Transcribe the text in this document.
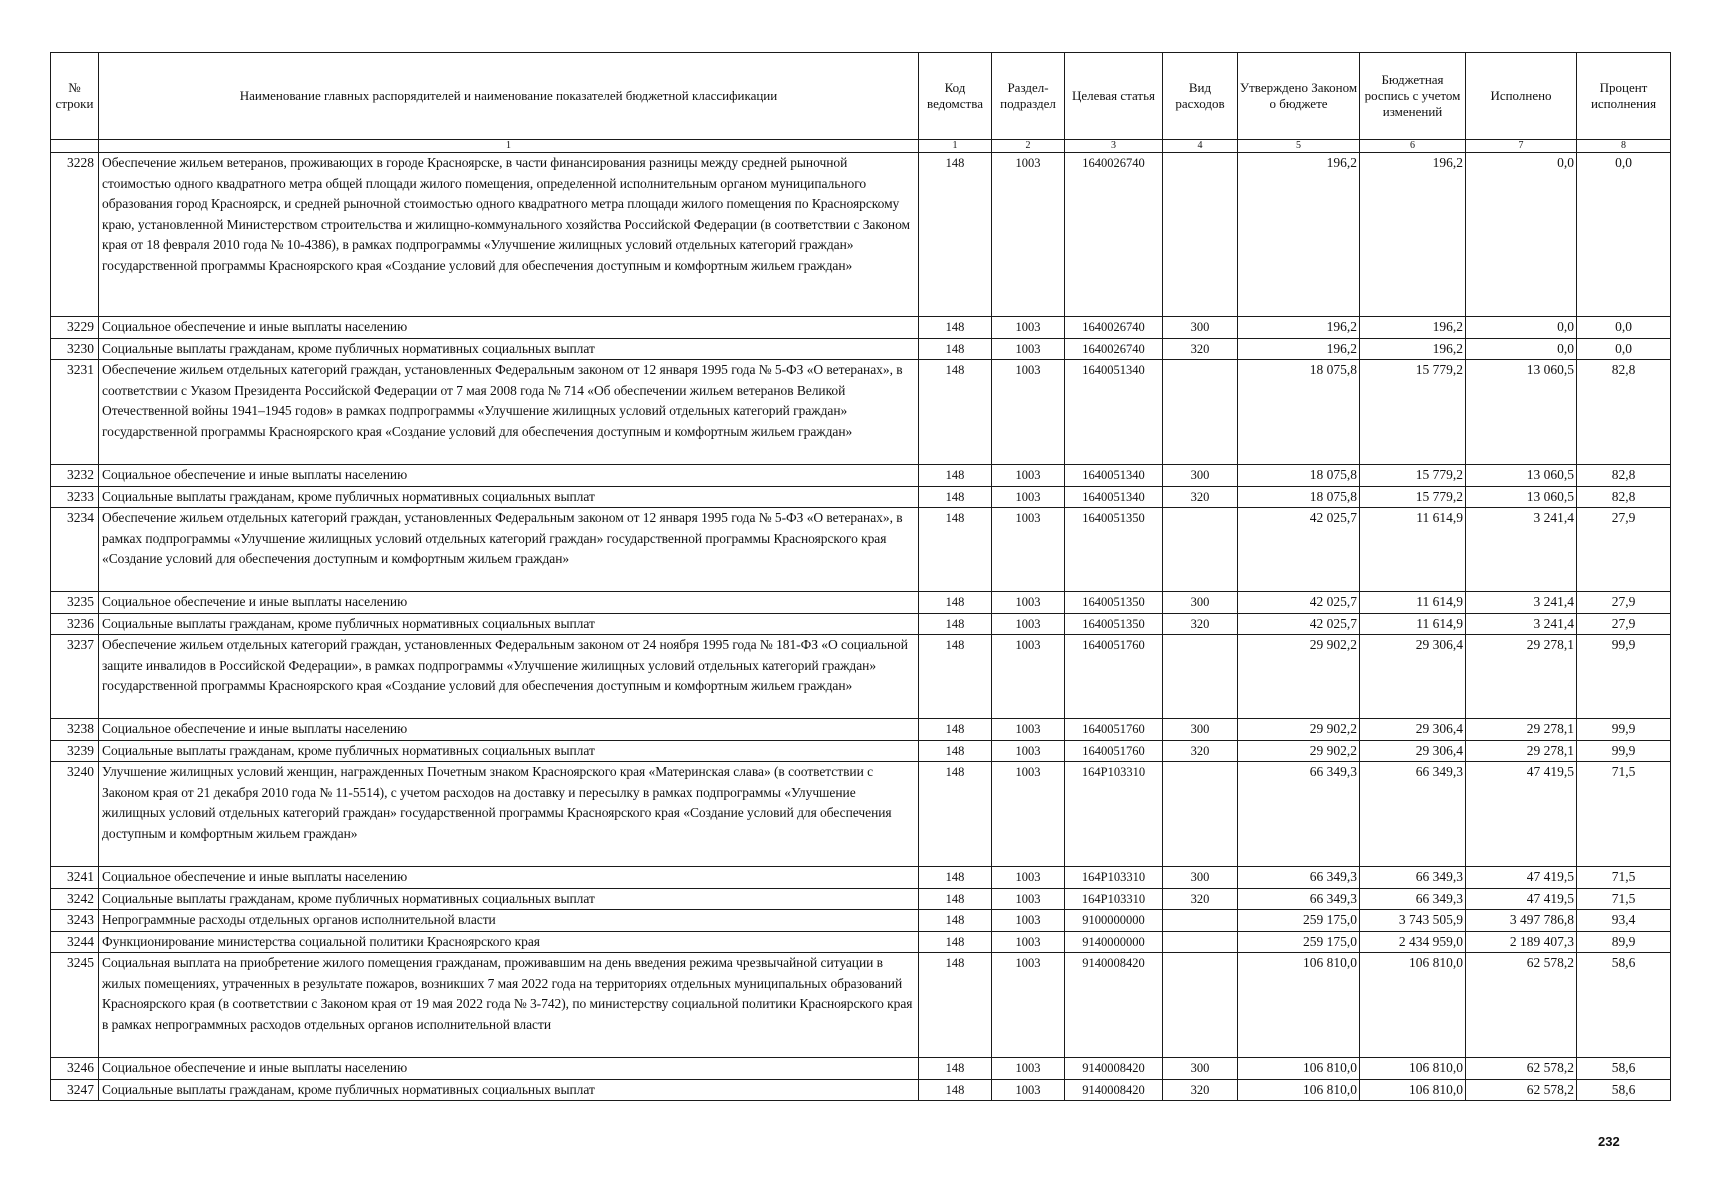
№ строки	Наименование главных распорядителей и наименование показателей бюджетной классификации	Код ведомства	Раздел-подраздел	Целевая статья	Вид расходов	Утверждено Законом о бюджете	Бюджетная роспись с учетом изменений	Исполнено	Процент исполнения
	1	1	2	3	4	5	6	7	8
3228	Обеспечение жильем ветеранов, проживающих в городе Красноярске, в части финансирования разницы между средней рыночной стоимостью одного квадратного метра общей площади жилого помещения, определенной исполнительным органом муниципального образования город Красноярск, и средней рыночной стоимостью одного квадратного метра площади жилого помещения по Красноярскому краю, установленной Министерством строительства и жилищно-коммунального хозяйства Российской Федерации (в соответствии с Законом края от 18 февраля 2010 года № 10-4386), в рамках подпрограммы «Улучшение жилищных условий отдельных категорий граждан» государственной программы Красноярского края «Создание условий для обеспечения доступным и комфортным жильем граждан»	148	1003	1640026740		196,2	196,2	0,0	0,0
3229	Социальное обеспечение и иные выплаты населению	148	1003	1640026740	300	196,2	196,2	0,0	0,0
3230	Социальные выплаты гражданам, кроме публичных нормативных социальных выплат	148	1003	1640026740	320	196,2	196,2	0,0	0,0
3231	Обеспечение жильем отдельных категорий граждан, установленных Федеральным законом от 12 января 1995 года № 5-ФЗ «О ветеранах», в соответствии с Указом Президента Российской Федерации от 7 мая 2008 года № 714 «Об обеспечении жильем ветеранов Великой Отечественной войны 1941–1945 годов» в рамках подпрограммы «Улучшение жилищных условий отдельных категорий граждан» государственной программы Красноярского края «Создание условий для обеспечения доступным и комфортным жильем граждан»	148	1003	1640051340		18 075,8	15 779,2	13 060,5	82,8
3232	Социальное обеспечение и иные выплаты населению	148	1003	1640051340	300	18 075,8	15 779,2	13 060,5	82,8
3233	Социальные выплаты гражданам, кроме публичных нормативных социальных выплат	148	1003	1640051340	320	18 075,8	15 779,2	13 060,5	82,8
3234	Обеспечение жильем отдельных категорий граждан, установленных Федеральным законом от 12 января 1995 года № 5-ФЗ «О ветеранах», в рамках подпрограммы «Улучшение жилищных условий отдельных категорий граждан» государственной программы Красноярского края «Создание условий для обеспечения доступным и комфортным жильем граждан»	148	1003	1640051350		42 025,7	11 614,9	3 241,4	27,9
3235	Социальное обеспечение и иные выплаты населению	148	1003	1640051350	300	42 025,7	11 614,9	3 241,4	27,9
3236	Социальные выплаты гражданам, кроме публичных нормативных социальных выплат	148	1003	1640051350	320	42 025,7	11 614,9	3 241,4	27,9
3237	Обеспечение жильем отдельных категорий граждан, установленных Федеральным законом от 24 ноября 1995 года № 181-ФЗ «О социальной защите инвалидов в Российской Федерации», в рамках подпрограммы «Улучшение жилищных условий отдельных категорий граждан» государственной программы Красноярского края «Создание условий для обеспечения доступным и комфортным жильем граждан»	148	1003	1640051760		29 902,2	29 306,4	29 278,1	99,9
3238	Социальное обеспечение и иные выплаты населению	148	1003	1640051760	300	29 902,2	29 306,4	29 278,1	99,9
3239	Социальные выплаты гражданам, кроме публичных нормативных социальных выплат	148	1003	1640051760	320	29 902,2	29 306,4	29 278,1	99,9
3240	Улучшение жилищных условий женщин, награжденных Почетным знаком Красноярского края «Материнская слава» (в соответствии с Законом края от 21 декабря 2010 года № 11-5514), с учетом расходов на доставку и пересылку в рамках подпрограммы «Улучшение жилищных условий отдельных категорий граждан» государственной программы Красноярского края «Создание условий для обеспечения доступным и комфортным жильем граждан»	148	1003	164P103310		66 349,3	66 349,3	47 419,5	71,5
3241	Социальное обеспечение и иные выплаты населению	148	1003	164P103310	300	66 349,3	66 349,3	47 419,5	71,5
3242	Социальные выплаты гражданам, кроме публичных нормативных социальных выплат	148	1003	164P103310	320	66 349,3	66 349,3	47 419,5	71,5
3243	Непрограммные расходы отдельных органов исполнительной власти	148	1003	9100000000		259 175,0	3 743 505,9	3 497 786,8	93,4
3244	Функционирование министерства социальной политики Красноярского края	148	1003	9140000000		259 175,0	2 434 959,0	2 189 407,3	89,9
3245	Социальная выплата на приобретение жилого помещения гражданам, проживавшим на день введения режима чрезвычайной ситуации в жилых помещениях, утраченных в результате пожаров, возникших 7 мая 2022 года на территориях отдельных муниципальных образований Красноярского края (в соответствии с Законом края от 19 мая 2022 года № 3-742), по министерству социальной политики Красноярского края в рамках непрограммных расходов отдельных органов исполнительной власти	148	1003	9140008420		106 810,0	106 810,0	62 578,2	58,6
3246	Социальное обеспечение и иные выплаты населению	148	1003	9140008420	300	106 810,0	106 810,0	62 578,2	58,6
3247	Социальные выплаты гражданам, кроме публичных нормативных социальных выплат	148	1003	9140008420	320	106 810,0	106 810,0	62 578,2	58,6
232
